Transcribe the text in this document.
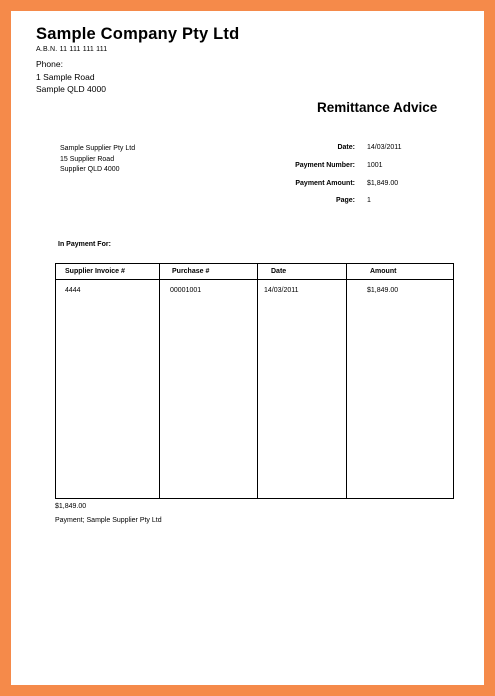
Sample Company Pty Ltd
A.B.N. 11 111 111 111
Phone:
1 Sample Road
Sample QLD 4000
Remittance Advice
Sample Supplier Pty Ltd
15 Supplier Road
Supplier QLD 4000
Date: 14/03/2011
Payment Number: 1001
Payment Amount: $1,849.00
Page: 1
In Payment For:
Supplier Invoice #	Purchase #	Date	Amount
4444	00001001	14/03/2011	$1,849.00
$1,849.00
Payment; Sample Supplier Pty Ltd
